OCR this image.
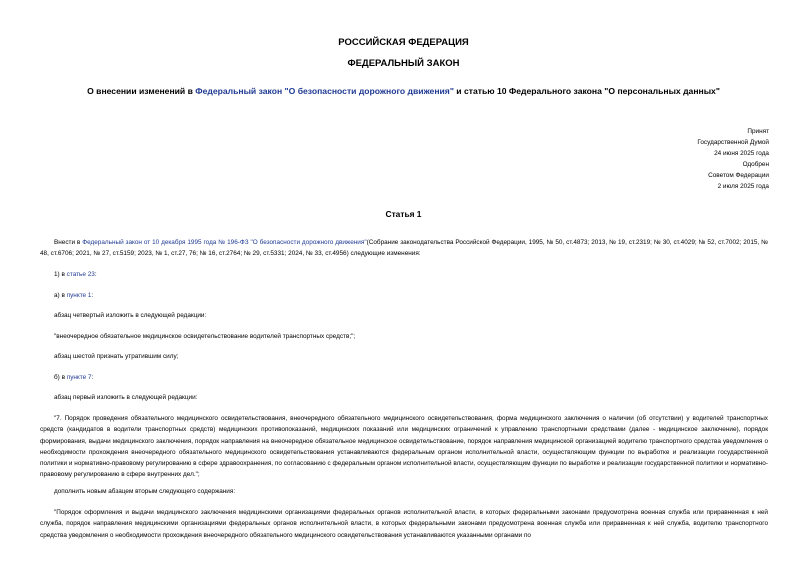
РОССИЙСКАЯ ФЕДЕРАЦИЯ
ФЕДЕРАЛЬНЫЙ ЗАКОН
О внесении изменений в Федеральный закон "О безопасности дорожного движения" и статью 10 Федерального закона "О персональных данных"
Принят
Государственной Думой
24 июня 2025 года
Одобрен
Советом Федерации
2 июля 2025 года
Статья 1
Внести в Федеральный закон от 10 декабря 1995 года № 196-ФЗ "О безопасности дорожного движения"(Собрание законодательства Российской Федерации, 1995, № 50, ст.4873; 2013, № 19, ст.2319; № 30, ст.4029; № 52, ст.7002; 2015, № 48, ст.6706; 2021, № 27, ст.5159; 2023, № 1, ст.27, 76; № 16, ст.2764; № 29, ст.5331; 2024, № 33, ст.4956) следующие изменения:
1) в статье 23:
а) в пункте 1:
абзац четвертый изложить в следующей редакции:
"внеочередное обязательное медицинское освидетельствование водителей транспортных средств;";
абзац шестой признать утратившим силу;
б) в пункте 7:
абзац первый изложить в следующей редакции:
"7. Порядок проведения обязательного медицинского освидетельствования, внеочередного обязательного медицинского освидетельствования, форма медицинского заключения о наличии (об отсутствии) у водителей транспортных средств (кандидатов в водители транспортных средств) медицинских противопоказаний, медицинских показаний или медицинских ограничений к управлению транспортными средствами (далее - медицинское заключение), порядок формирования, выдачи медицинского заключения, порядок направления на внеочередное обязательное медицинское освидетельствование, порядок направления медицинской организацией водителю транспортного средства уведомления о необходимости прохождения внеочередного обязательного медицинского освидетельствования устанавливаются федеральным органом исполнительной власти, осуществляющим функции по выработке и реализации государственной политики и нормативно-правовому регулированию в сфере здравоохранения, по согласованию с федеральным органом исполнительной власти, осуществляющим функции по выработке и реализации государственной политики и нормативно-правовому регулированию в сфере внутренних дел.";
дополнить новым абзацем вторым следующего содержания:
"Порядок оформления и выдачи медицинского заключения медицинскими организациями федеральных органов исполнительной власти, в которых федеральными законами предусмотрена военная служба или приравненная к ней служба, порядок направления медицинскими организациями федеральных органов исполнительной власти, в которых федеральными законами предусмотрена военная служба или приравненная к ней служба, водителю транспортного средства уведомления о необходимости прохождения внеочередного обязательного медицинского освидетельствования устанавливаются указанными органами по
